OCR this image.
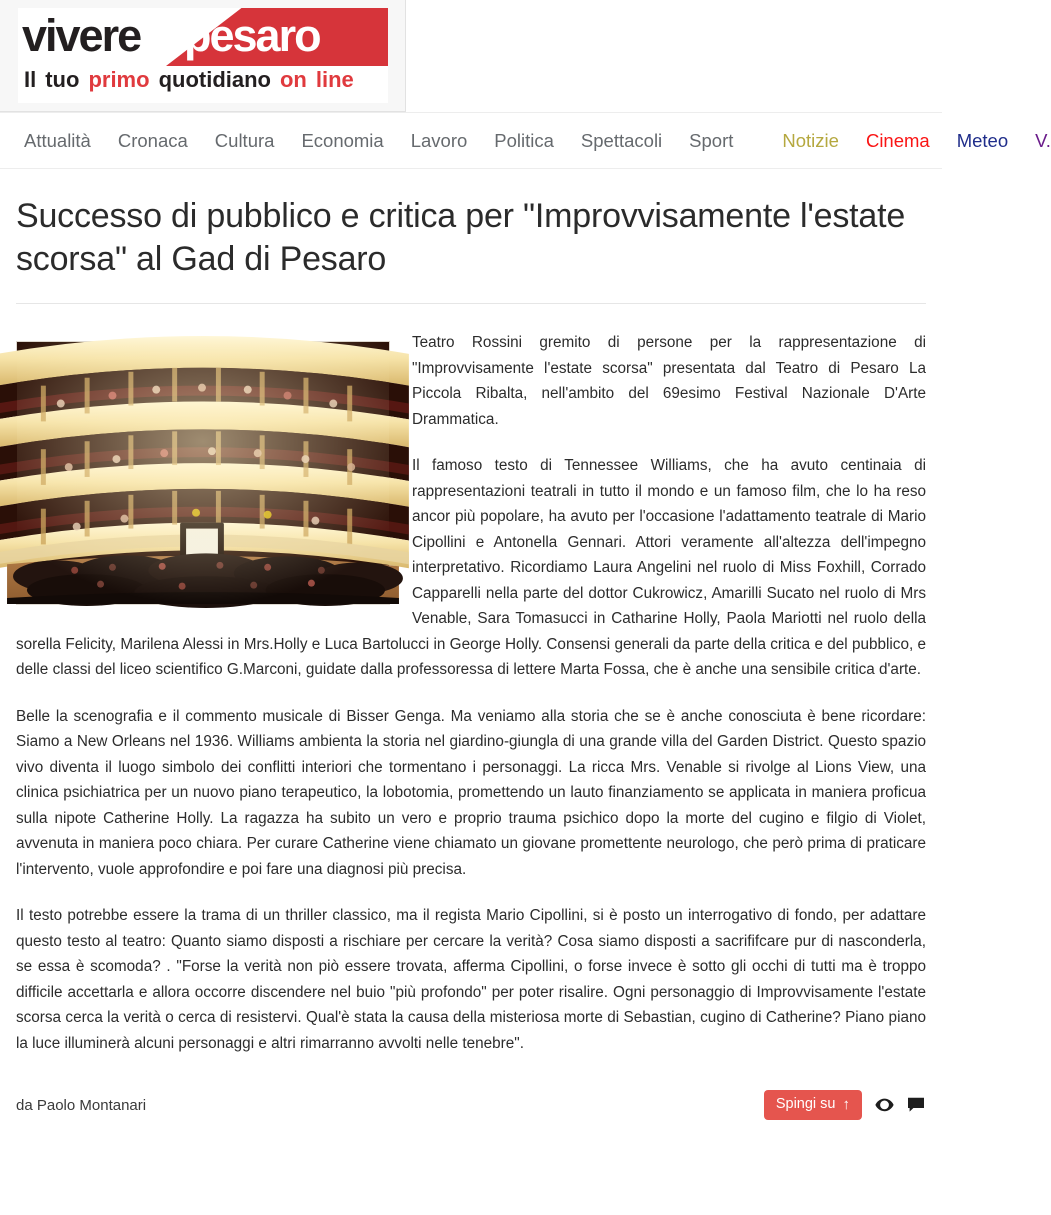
vivere pesaro
Il tuo primo quotidiano on line
Attualità Cronaca Cultura Economia Lavoro Politica Spettacoli Sport	Notizie Cinema Meteo V.
Successo di pubblico e critica per "Improvvisamente l'estate scorsa" al Gad di Pesaro

Teatro Rossini gremito di persone per la rappresentazione di "Improvvisamente l'estate scorsa" presentata dal Teatro di Pesaro La Piccola Ribalta, nell'ambito del 69esimo Festival Nazionale D'Arte Drammatica.

Il famoso testo di Tennessee Williams, che ha avuto centinaia di rappresentazioni teatrali in tutto il mondo e un famoso film, che lo ha reso ancor più popolare, ha avuto per l'occasione l'adattamento teatrale di Mario Cipollini e Antonella Gennari. Attori veramente all'altezza dell'impegno interpretativo. Ricordiamo Laura Angelini nel ruolo di Miss Foxhill, Corrado Capparelli nella parte del dottor Cukrowicz, Amarilli Sucato nel ruolo di Mrs Venable, Sara Tomasucci in Catharine Holly, Paola Mariotti nel ruolo della sorella Felicity, Marilena Alessi in Mrs.Holly e Luca Bartolucci in George Holly. Consensi generali da parte della critica e del pubblico, e delle classi del liceo scientifico G.Marconi, guidate dalla professoressa di lettere Marta Fossa, che è anche una sensibile critica d'arte.

Belle la scenografia e il commento musicale di Bisser Genga. Ma veniamo alla storia che se è anche conosciuta è bene ricordare: Siamo a New Orleans nel 1936. Williams ambienta la storia nel giardino-giungla di una grande villa del Garden District. Questo spazio vivo diventa il luogo simbolo dei conflitti interiori che tormentano i personaggi. La ricca Mrs. Venable si rivolge al Lions View, una clinica psichiatrica per un nuovo piano terapeutico, la lobotomia, promettendo un lauto finanziamento se applicata in maniera proficua sulla nipote Catherine Holly. La ragazza ha subito un vero e proprio trauma psichico dopo la morte del cugino e filgio di Violet, avvenuta in maniera poco chiara. Per curare Catherine viene chiamato un giovane promettente neurologo, che però prima di praticare l'intervento, vuole approfondire e poi fare una diagnosi più precisa.

Il testo potrebbe essere la trama di un thriller classico, ma il regista Mario Cipollini, si è posto un interrogativo di fondo, per adattare questo testo al teatro: Quanto siamo disposti a rischiare per cercare la verità? Cosa siamo disposti a sacrififcare pur di nasconderla, se essa è scomoda? . "Forse la verità non piò essere trovata, afferma Cipollini, o forse invece è sotto gli occhi di tutti ma è troppo difficile accettarla e allora occorre discendere nel buio "più profondo" per poter risalire. Ogni personaggio di Improvvisamente l'estate scorsa cerca la verità o cerca di resistervi. Qual'è stata la causa della misteriosa morte di Sebastian, cugino di Catherine? Piano piano la luce illuminerà alcuni personaggi e altri rimarranno avvolti nelle tenebre".

da Paolo Montanari	Spingi su ↑
